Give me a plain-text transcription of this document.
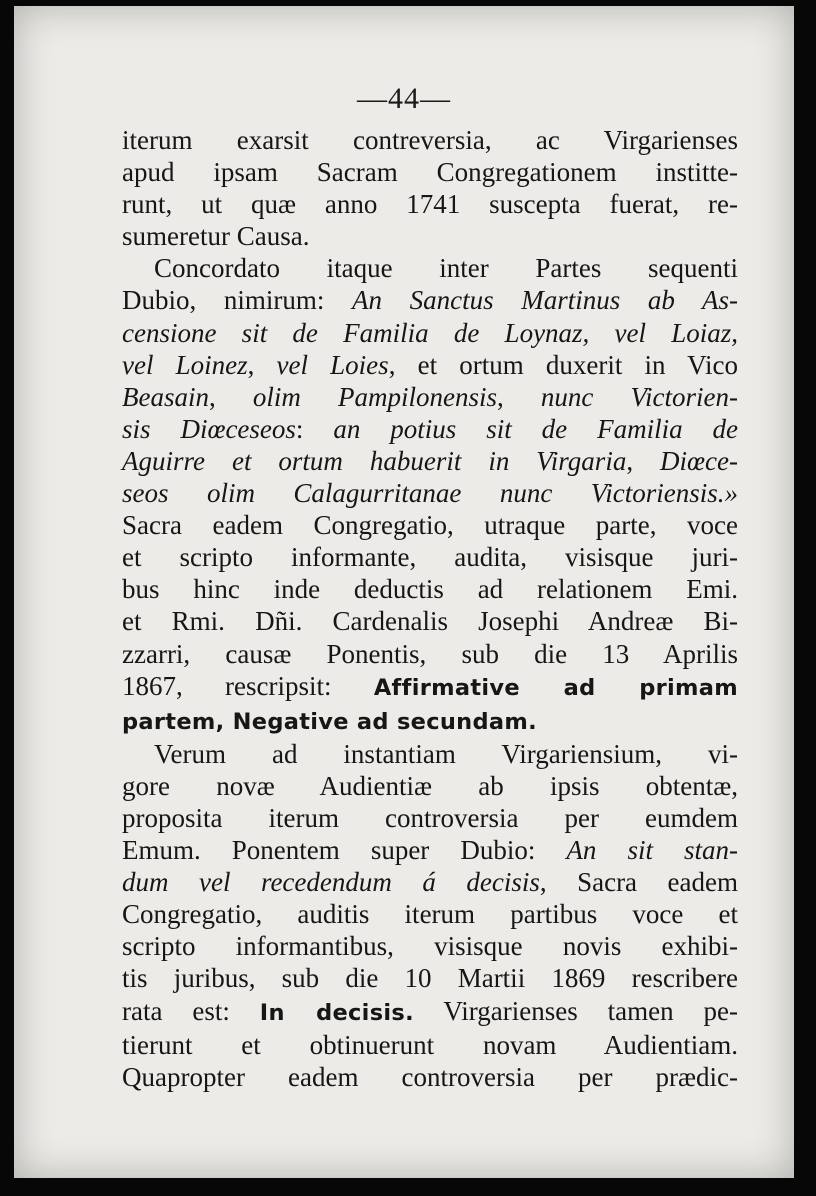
—44—
iterum exarsit contreversia, ac Virgarienses
apud ipsam Sacram Congregationem institte-
runt, ut quæ anno 1741 suscepta fuerat, re-
sumeretur Causa.
Concordato itaque inter Partes sequenti
Dubio, nimirum: An Sanctus Martinus ab As-
censione sit de Familia de Loynaz, vel Loiaz,
vel Loinez, vel Loies, et ortum duxerit in Vico
Beasain, olim Pampilonensis, nunc Victorien-
sis Diœceseos: an potius sit de Familia de
Aguirre et ortum habuerit in Virgaria, Diœce-
seos olim Calagurritanae nunc Victoriensis.»
Sacra eadem Congregatio, utraque parte, voce
et scripto informante, audita, visisque juri-
bus hinc inde deductis ad relationem Emi.
et Rmi. Dñi. Cardenalis Josephi Andreæ Bi-
zzarri, causæ Ponentis, sub die 13 Aprilis
1867, rescripsit: Affirmative ad primam
partem, Negative ad secundam.
Verum ad instantiam Virgariensium, vi-
gore novæ Audientiæ ab ipsis obtentæ,
proposita iterum controversia per eumdem
Emum. Ponentem super Dubio: An sit stan-
dum vel recedendum á decisis, Sacra eadem
Congregatio, auditis iterum partibus voce et
scripto informantibus, visisque novis exhibi-
tis juribus, sub die 10 Martii 1869 rescribere
rata est: In decisis. Virgarienses tamen pe-
tierunt et obtinuerunt novam Audientiam.
Quapropter eadem controversia per prædic-
